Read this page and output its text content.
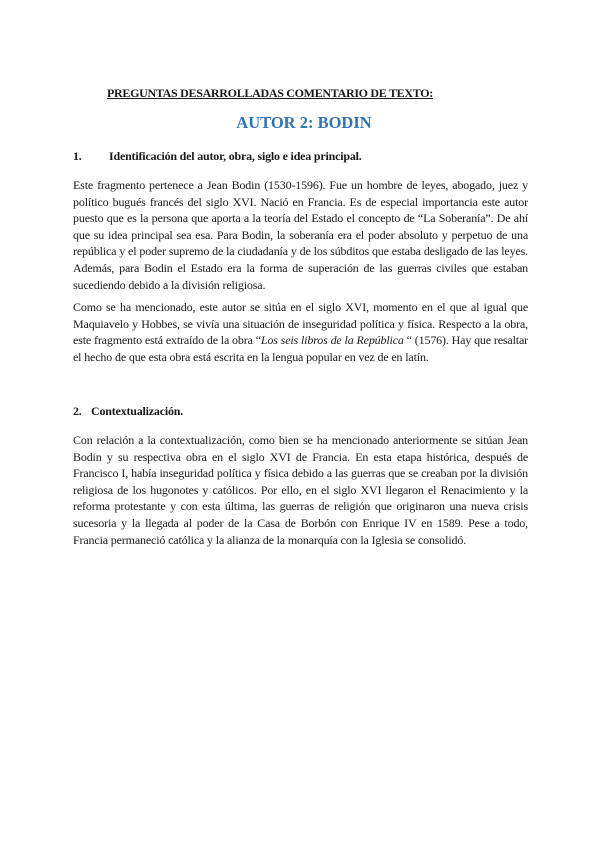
PREGUNTAS DESARROLLADAS COMENTARIO DE TEXTO:
AUTOR 2: BODIN
1. Identificación del autor, obra, siglo e idea principal.

Este fragmento pertenece a Jean Bodin (1530-1596). Fue un hombre de leyes, abogado, juez y político bugués francés del siglo XVI. Nació en Francia. Es de especial importancia este autor puesto que es la persona que aporta a la teoría del Estado el concepto de “La Soberanía”. De ahí que su idea principal sea esa. Para Bodin, la soberanía era el poder absoluto y perpetuo de una república y el poder supremo de la ciudadanía y de los súbditos que estaba desligado de las leyes. Además, para Bodin el Estado era la forma de superación de las guerras civiles que estaban sucediendo debido a la división religiosa.

Como se ha mencionado, este autor se sitúa en el siglo XVI, momento en el que al igual que Maquiavelo y Hobbes, se vivía una situación de inseguridad política y física. Respecto a la obra, este fragmento está extraído de la obra “Los seis libros de la República “ (1576). Hay que resaltar el hecho de que esta obra está escrita en la lengua popular en vez de en latín.

2. Contextualización.

Con relación a la contextualización, como bien se ha mencionado anteriormente se sitúan Jean Bodin y su respectiva obra en el siglo XVI de Francia. En esta etapa histórica, después de Francisco I, había inseguridad política y física debido a las guerras que se creaban por la división religiosa de los hugonotes y católicos. Por ello, en el siglo XVI llegaron el Renacimiento y la reforma protestante y con esta última, las guerras de religión que originaron una nueva crisis sucesoria y la llegada al poder de la Casa de Borbón con Enrique IV en 1589. Pese a todo, Francia permaneció católica y la alianza de la monarquía con la Iglesia se consolidó.
